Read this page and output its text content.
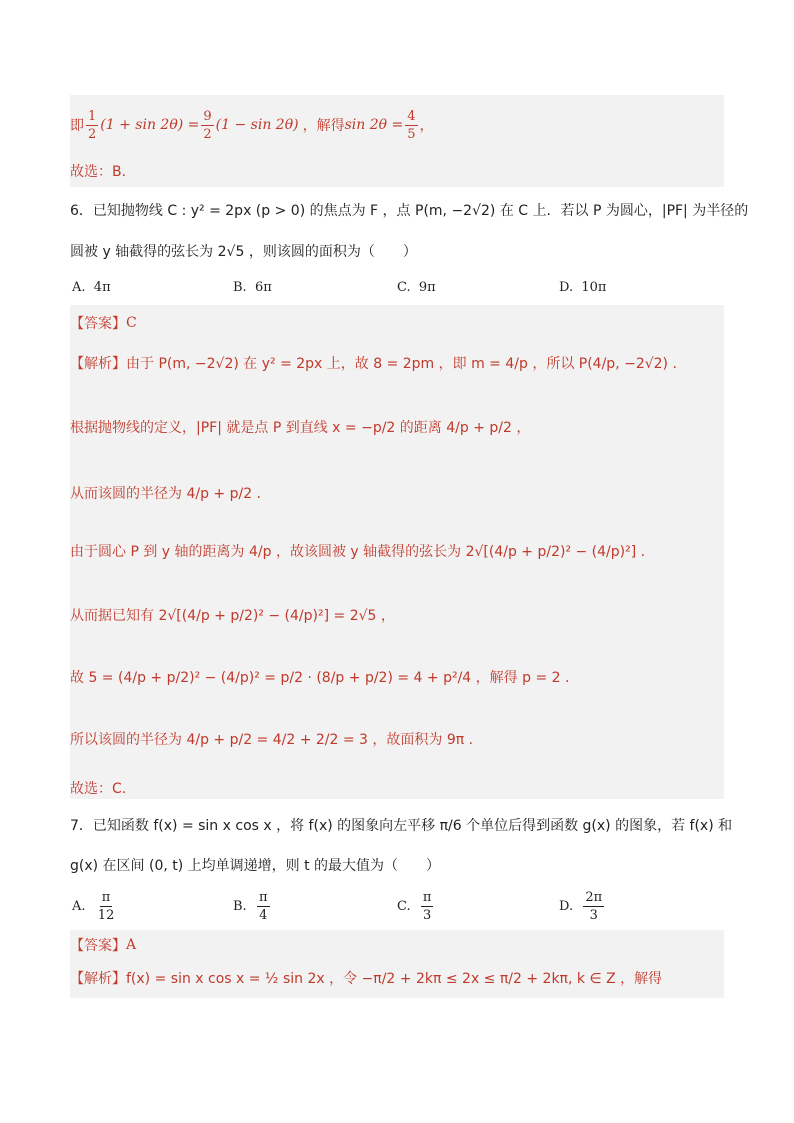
即 $\frac{1}{2} (1 + \sin 2\theta) = \frac{9}{2} (1 - \sin 2\theta)$ ，解得 $\sin 2\theta = \frac{4}{5}$ ，
故选：B.
6．已知抛物线 C : y² = 2px (p > 0) 的焦点为 F ，点 P(m, −2√2) 在 C 上．若以 P 为圆心，|PF| 为半径的
圆被 y 轴截得的弦长为 2√5 ，则该圆的面积为（　　）
A.
4π	B.
6π	C.
9π	D.
10π
【答案】 C
【解析】 由于 P(m, −2√2) 在 y² = 2px 上，故 8 = 2pm ，即 m = 4/p ，所以 P(4/p, −2√2) .
根据抛物线的定义，|PF| 就是点 P 到直线 x = −p/2 的距离 4/p + p/2 ，
从而该圆的半径为 4/p + p/2 .
由于圆心 P 到 y 轴的距离为 4/p ，故该圆被 y 轴截得的弦长为 2√[(4/p + p/2)² − (4/p)²] .
从而据已知有 2√[(4/p + p/2)² − (4/p)²] = 2√5 ，
故 5 = (4/p + p/2)² − (4/p)² = p/2 · (8/p + p/2) = 4 + p²/4 ，解得 p = 2 .
所以该圆的半径为 4/p + p/2 = 4/2 + 2/2 = 3 ，故面积为 9π .
故选：C.
7．已知函数 f(x) = sin x cos x ，将 f(x) 的图象向左平移 π/6 个单位后得到函数 g(x) 的图象，若 f(x) 和
g(x) 在区间 (0, t) 上均单调递增，则 t 的最大值为（　　）
A.
$\frac{\pi}{12}$	B.
$\frac{\pi}{4}$	C.
$\frac{\pi}{3}$	D.
$\frac{2\pi}{3}$
【答案】 A
【解析】 f(x) = sin x cos x = ½ sin 2x ，令 −π/2 + 2kπ ≤ 2x ≤ π/2 + 2kπ, k ∈ Z ，解得
